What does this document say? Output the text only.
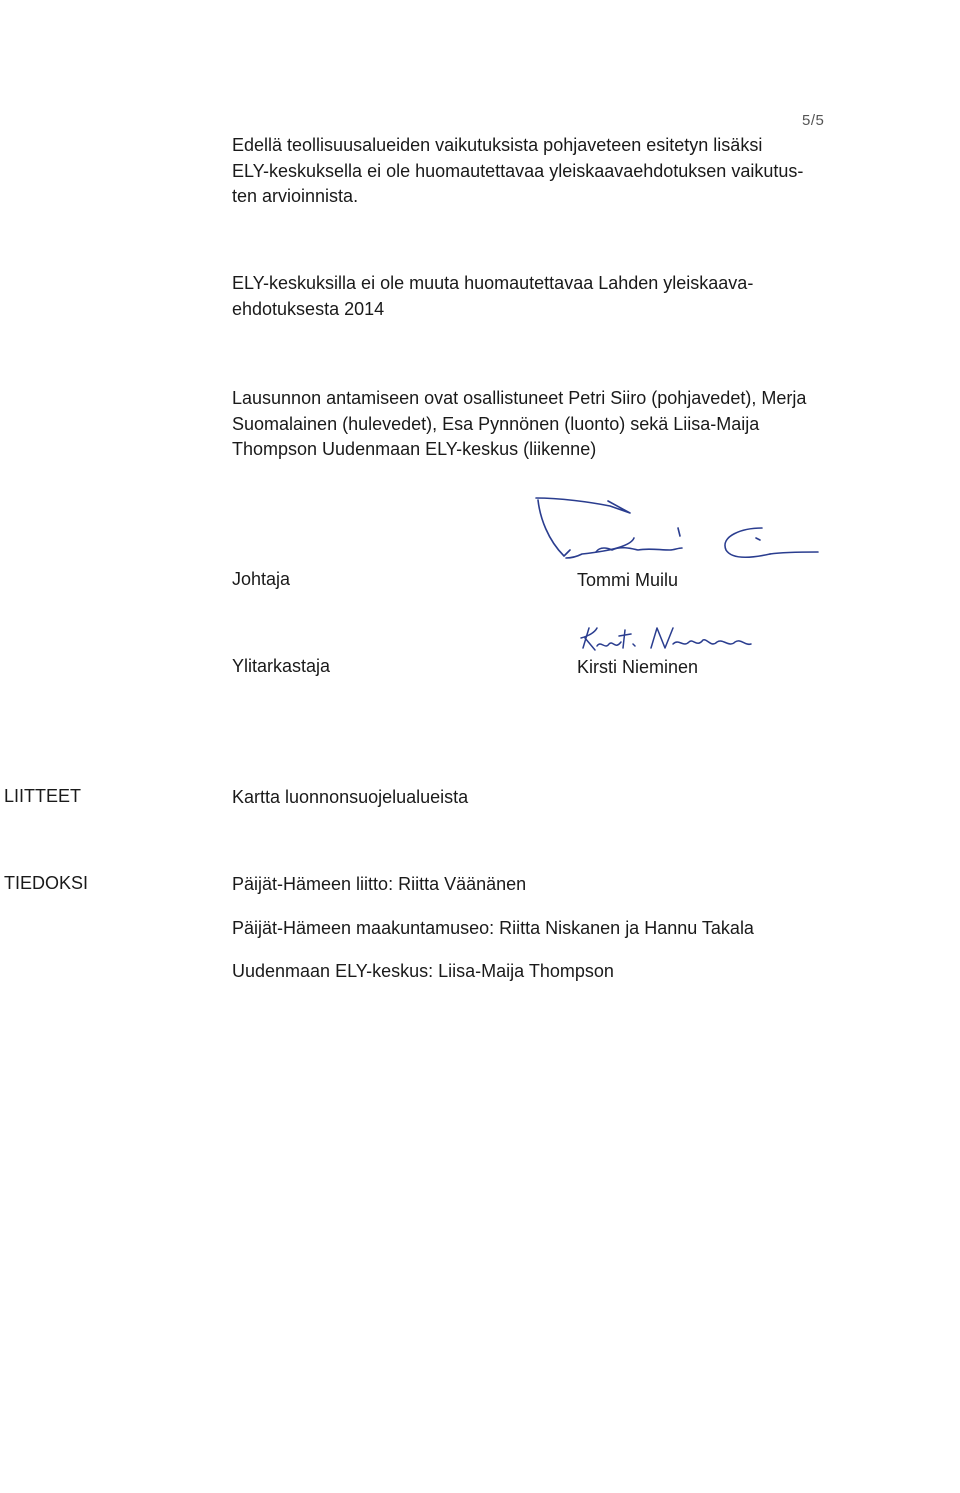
5/5
Edellä teollisuusalueiden vaikutuksista pohjaveteen esitetyn lisäksi
ELY-keskuksella ei ole huomautettavaa yleiskaavaehdotuksen vaikutus-
ten arvioinnista.
ELY-keskuksilla ei ole muuta huomautettavaa Lahden yleiskaava-
ehdotuksesta 2014
Lausunnon antamiseen ovat osallistuneet Petri Siiro (pohjavedet), Merja
Suomalainen (hulevedet), Esa Pynnönen (luonto) sekä Liisa-Maija
Thompson Uudenmaan ELY-keskus (liikenne)
Johtaja	Tommi Muilu
Ylitarkastaja	Kirsti Nieminen
LIITTEET	Kartta luonnonsuojelualueista
TIEDOKSI	Päijät-Hämeen liitto: Riitta Väänänen
Päijät-Hämeen maakuntamuseo: Riitta Niskanen ja Hannu Takala
Uudenmaan ELY-keskus: Liisa-Maija Thompson
